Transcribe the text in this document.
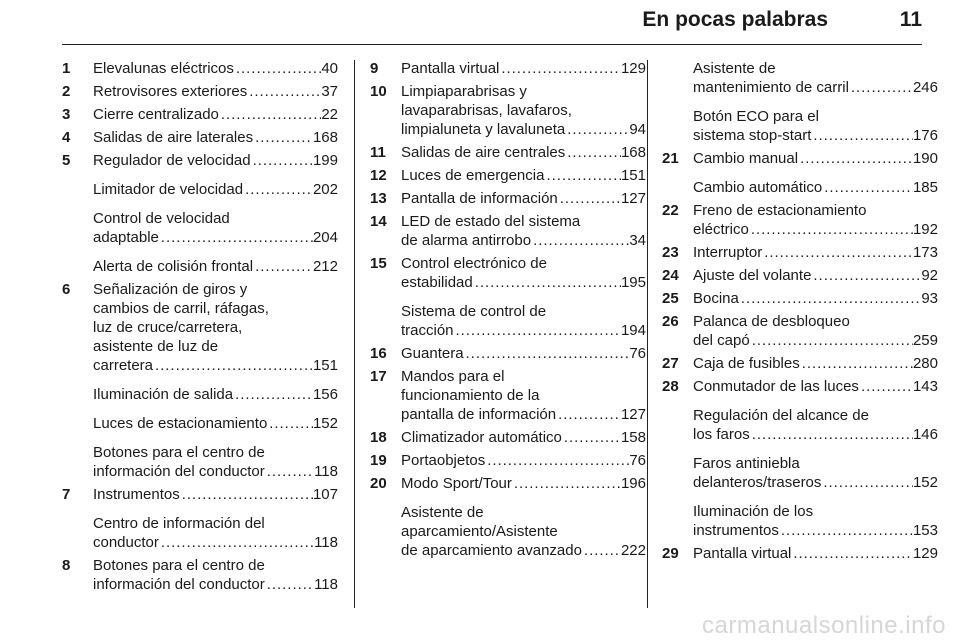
En pocas palabras	11
1	Elevalunas eléctricos . . .	40
2	Retrovisores exteriores . . .	37
3	Cierre centralizado . . .	22
4	Salidas de aire laterales . . .	168
5	Regulador de velocidad . . .	199
Limitador de velocidad . . .	202
Control de velocidad
adaptable . . .	204
Alerta de colisión frontal . . .	212
6	Señalización de giros y
cambios de carril, ráfagas,
luz de cruce/carretera,
asistente de luz de
carretera . . .	151
Iluminación de salida . . .	156
Luces de estacionamiento . . .	152
Botones para el centro de
información del conductor . . .	118
7	Instrumentos . . .	107
Centro de información del
conductor . . .	118
8	Botones para el centro de
información del conductor . . .	118
9	Pantalla virtual . . .	129
10 Limpiaparabrisas y
lavaparabrisas, lavafaros,
limpialuneta y lavaluneta . . .	94
11	Salidas de aire centrales . . .	168
12 Luces de emergencia . . .	151
13 Pantalla de información . . .	127
14 LED de estado del sistema
de alarma antirrobo . . .	34
15 Control electrónico de
estabilidad . . .	195
Sistema de control de
tracción . . .	194
16 Guantera . . .	76
17 Mandos para el
funcionamiento de la
pantalla de información . . .	127
18 Climatizador automático . . .	158
19 Portaobjetos . . .	76
20 Modo Sport/Tour . . .	196
Asistente de
aparcamiento/Asistente
de aparcamiento avanzado . . .	222
Asistente de
mantenimiento de carril . . .	246
Botón ECO para el
sistema stop-start . . .	176
21 Cambio manual . . .	190
Cambio automático . . .	185
22 Freno de estacionamiento
eléctrico . . .	192
23 Interruptor . . .	173
24 Ajuste del volante . . .	92
25 Bocina . . .	93
26 Palanca de desbloqueo
del capó . . .	259
27 Caja de fusibles . . .	280
28 Conmutador de las luces . . .	143
Regulación del alcance de
los faros . . .	146
Faros antiniebla
delanteros/traseros . . .	152
Iluminación de los
instrumentos . . .	153
29 Pantalla virtual . . .	129
carmanualsonline.info
